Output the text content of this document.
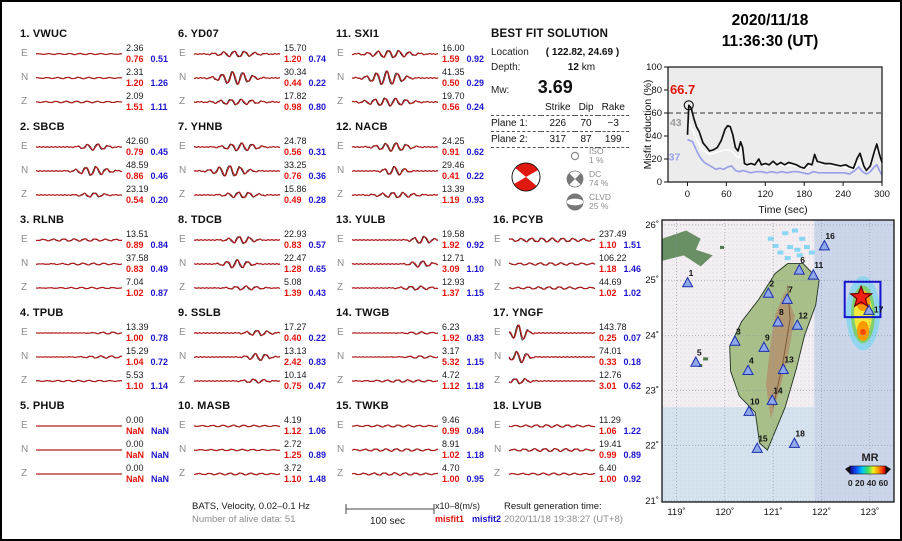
1. VWUC
E	2.36
0.76 0.51
N	2.31
1.20 1.26
Z	2.09
1.51 1.11
2. SBCB
E	42.60
0.79 0.45
N	48.59
0.86 0.46
Z	23.19
0.54 0.20
3. RLNB
E	13.51
0.89 0.84
N	37.58
0.83 0.49
Z	7.04
1.02 0.87
4. TPUB
E	13.39
1.00 0.78
N	15.29
1.04 0.72
Z	5.53
1.10 1.14
5. PHUB
E	0.00
NaN NaN
N	0.00
NaN NaN
Z	0.00
NaN NaN
6. YD07
E	15.70
1.20 0.74
N	30.34
0.44 0.22
Z	17.82
0.98 0.80
7. YHNB
E	24.78
0.56 0.31
N	33.25
0.76 0.36
Z	15.86
0.49 0.28
8. TDCB
E	22.93
0.83 0.57
N	22.47
1.28 0.65
Z	5.08
1.39 0.43
9. SSLB
E	17.27
0.40 0.22
N	13.13
2.42 0.83
Z	10.14
0.75 0.47
10. MASB
E	4.19
1.12 1.06
N	2.72
1.25 0.89
Z	3.72
1.10 1.48
11. SXI1
E	16.00
1.59 0.92
N	41.35
0.50 0.29
Z	19.70
0.56 0.24
12. NACB
E	24.25
0.91 0.62
N	29.46
0.41 0.22
Z	13.39
1.19 0.93
13. YULB
E	19.58
1.92 0.92
N	12.71
3.09 1.10
Z	12.93
1.37 1.15
14. TWGB
E	6.23
1.92 0.83
N	3.17
5.32 1.15
Z	4.72
1.12 1.18
15. TWKB
E	9.46
0.99 0.84
N	8.91
1.02 1.18
Z	4.70
1.00 0.95
16. PCYB
E	237.49
1.10 1.51
N	106.22
1.18 1.46
Z	44.69
1.02 1.02
17. YNGF
E	143.78
0.25 0.07
N	74.01
0.33 0.18
Z	12.76
3.01 0.62
18. LYUB
E	11.29
1.06 1.22
N	19.41
0.99 0.89
Z	6.40
1.00 0.92
BEST FIT SOLUTION
Location ( 122.82, 24.69 )
Depth:	12 km
Mw: 3.69
	Strike	Dip	Rake
Plane 1:	226	70	−3
Plane 2:	317	87	199
ISO
1 %
DC
74 %
CLVD
25 %
2020/11/18
11:36:30 (UT)
0	60	120 180 240 300
0
20
40
60
80
100
66.7
43
37
Time (sec)
Misfit reduction (%)
1
2
3
4
5
6
7
8
9
10
11
12
13
14
15
16
17
18
MR
0 20 40 60
119˚	120˚	121˚	122˚	123˚
26˚
25˚
24˚
23˚
22˚
21˚
BATS, Velocity, 0.02–0.1 Hz
Number of alive data: 51	100 sec
x10–8(m/s)
misfit1 misfit2
Result generation time:
2020/11/18 19:38:27 (UT+8)
